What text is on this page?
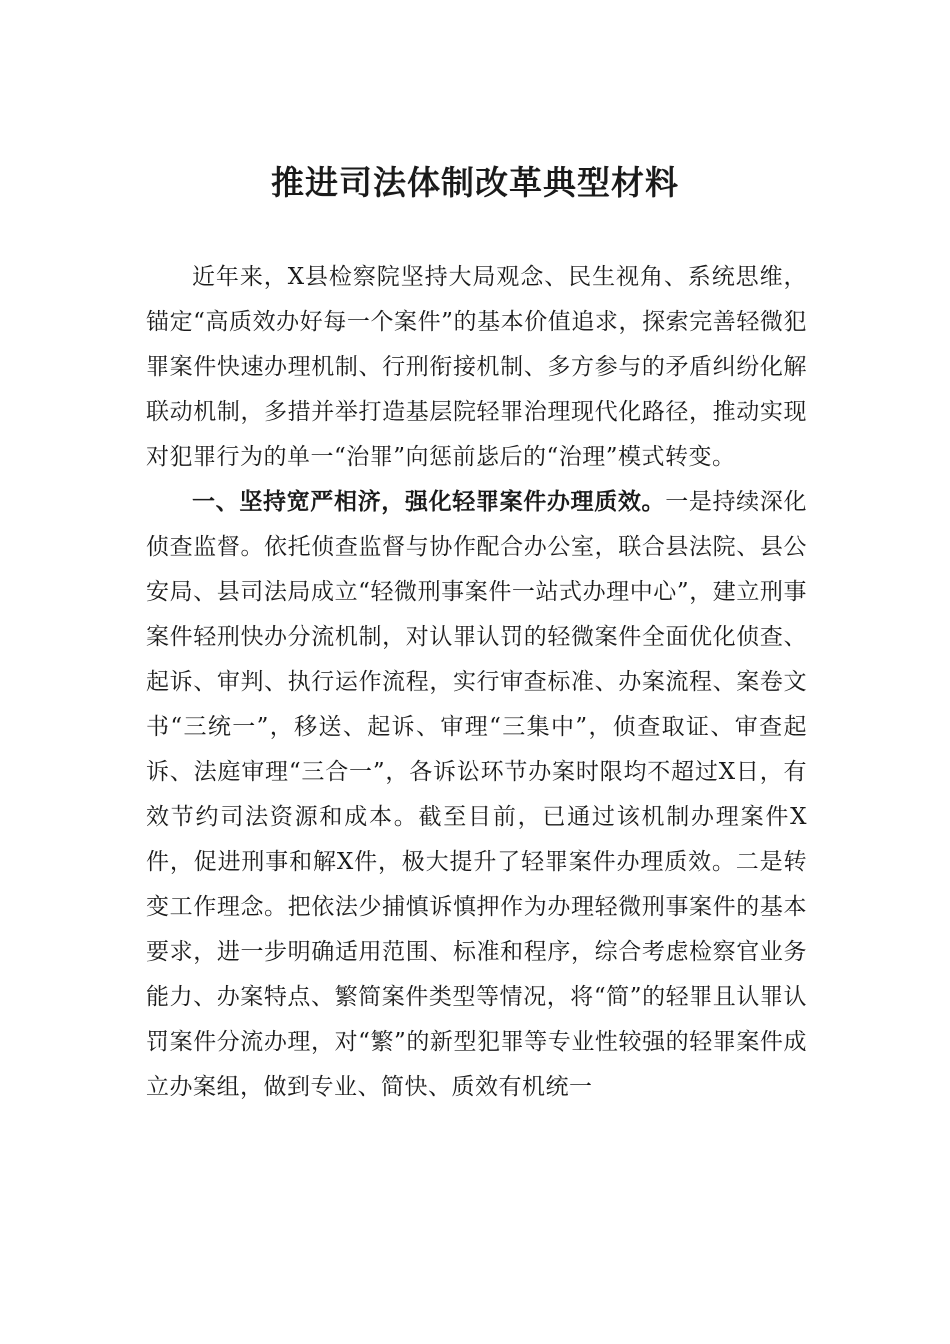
推进司法体制改革典型材料

近年来，X县检察院坚持大局观念、民生视角、系统思维，锚定“高质效办好每一个案件”的基本价值追求，探索完善轻微犯罪案件快速办理机制、行刑衔接机制、多方参与的矛盾纠纷化解联动机制，多措并举打造基层院轻罪治理现代化路径，推动实现对犯罪行为的单一“治罪”向惩前毖后的“治理”模式转变。

一、坚持宽严相济，强化轻罪案件办理质效。一是持续深化侦查监督。依托侦查监督与协作配合办公室，联合县法院、县公安局、县司法局成立“轻微刑事案件一站式办理中心”，建立刑事案件轻刑快办分流机制，对认罪认罚的轻微案件全面优化侦查、起诉、审判、执行运作流程，实行审查标准、办案流程、案卷文书“三统一”，移送、起诉、审理“三集中”，侦查取证、审查起诉、法庭审理“三合一”，各诉讼环节办案时限均不超过X日，有效节约司法资源和成本。截至目前，已通过该机制办理案件X件，促进刑事和解X件，极大提升了轻罪案件办理质效。二是转变工作理念。把依法少捕慎诉慎押作为办理轻微刑事案件的基本要求，进一步明确适用范围、标准和程序，综合考虑检察官业务能力、办案特点、繁简案件类型等情况，将“简”的轻罪且认罪认罚案件分流办理，对“繁”的新型犯罪等专业性较强的轻罪案件成立办案组，做到专业、简快、质效有机统一
